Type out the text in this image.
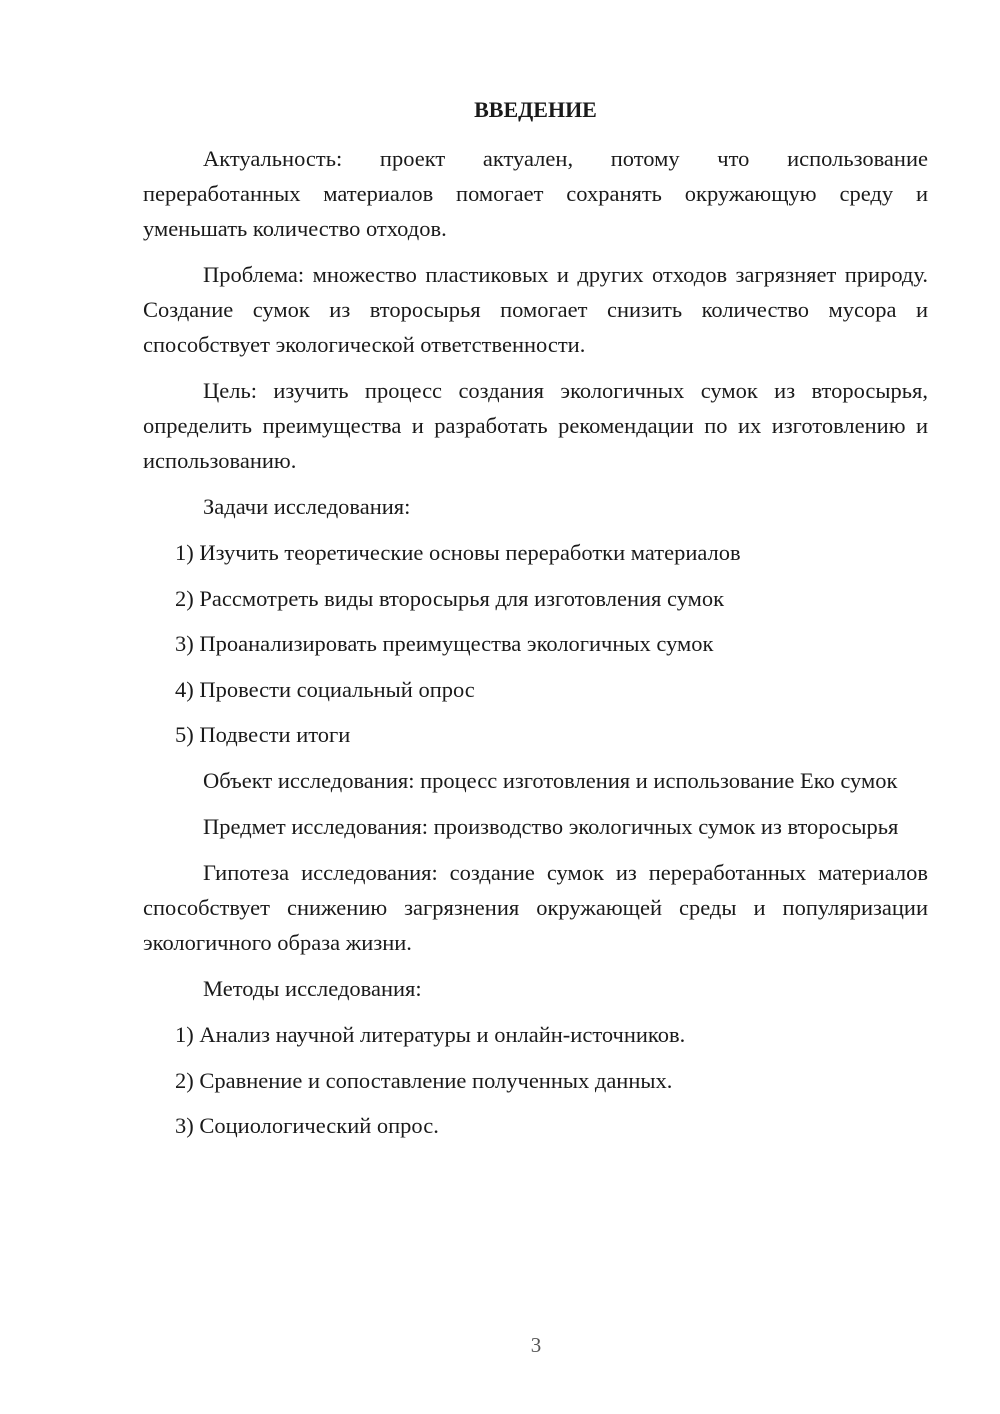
ВВЕДЕНИЕ

Актуальность: проект актуален, потому что использование переработанных материалов помогает сохранять окружающую среду и уменьшать количество отходов.

Проблема: множество пластиковых и других отходов загрязняет природу. Создание сумок из второсырья помогает снизить количество мусора и способствует экологической ответственности.

Цель: изучить процесс создания экологичных сумок из второсырья, определить преимущества и разработать рекомендации по их изготовлению и использованию.

Задачи исследования:
1) Изучить теоретические основы переработки материалов
2) Рассмотреть виды второсырья для изготовления сумок
3) Проанализировать преимущества экологичных сумок
4) Провести социальный опрос
5) Подвести итоги

Объект исследования: процесс изготовления и использование Еко сумок

Предмет исследования: производство экологичных сумок из второсырья

Гипотеза исследования: создание сумок из переработанных материалов способствует снижению загрязнения окружающей среды и популяризации экологичного образа жизни.

Методы исследования:
1) Анализ научной литературы и онлайн-источников.
2) Сравнение и сопоставление полученных данных.
3) Социологический опрос.
3
